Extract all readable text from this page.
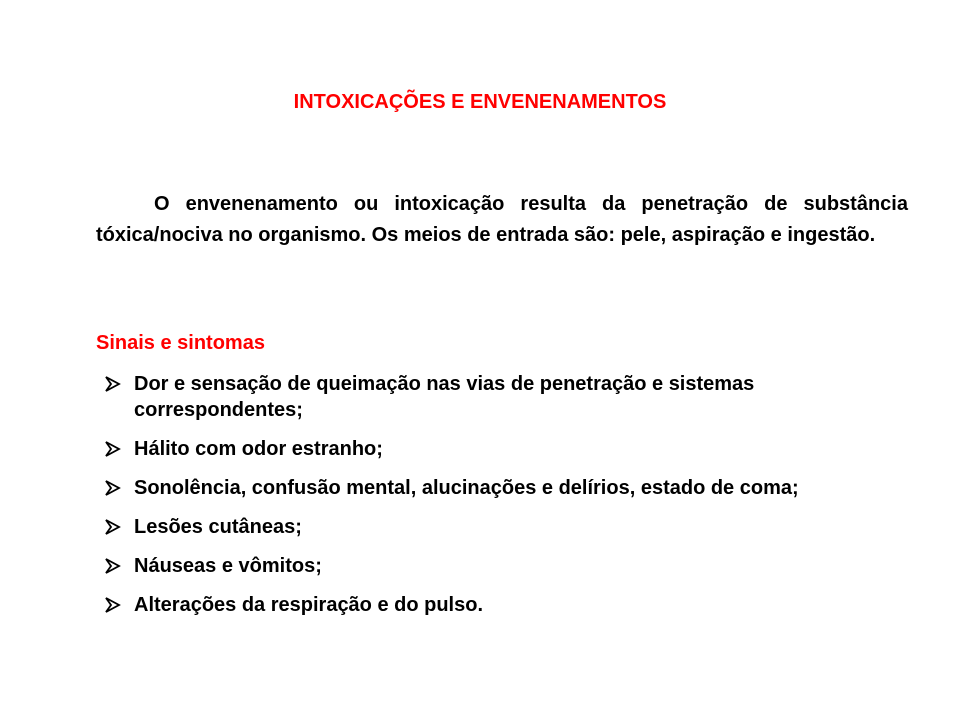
INTOXICAÇÕES E ENVENENAMENTOS

O envenenamento ou intoxicação resulta da penetração de substância tóxica/nociva no organismo. Os meios de entrada são: pele, aspiração e ingestão.

Sinais e sintomas
Dor e sensação de queimação nas vias de penetração e sistemas correspondentes;
Hálito com odor estranho;
Sonolência, confusão mental, alucinações e delírios, estado de coma;
Lesões cutâneas;
Náuseas e vômitos;
Alterações da respiração e do pulso.
